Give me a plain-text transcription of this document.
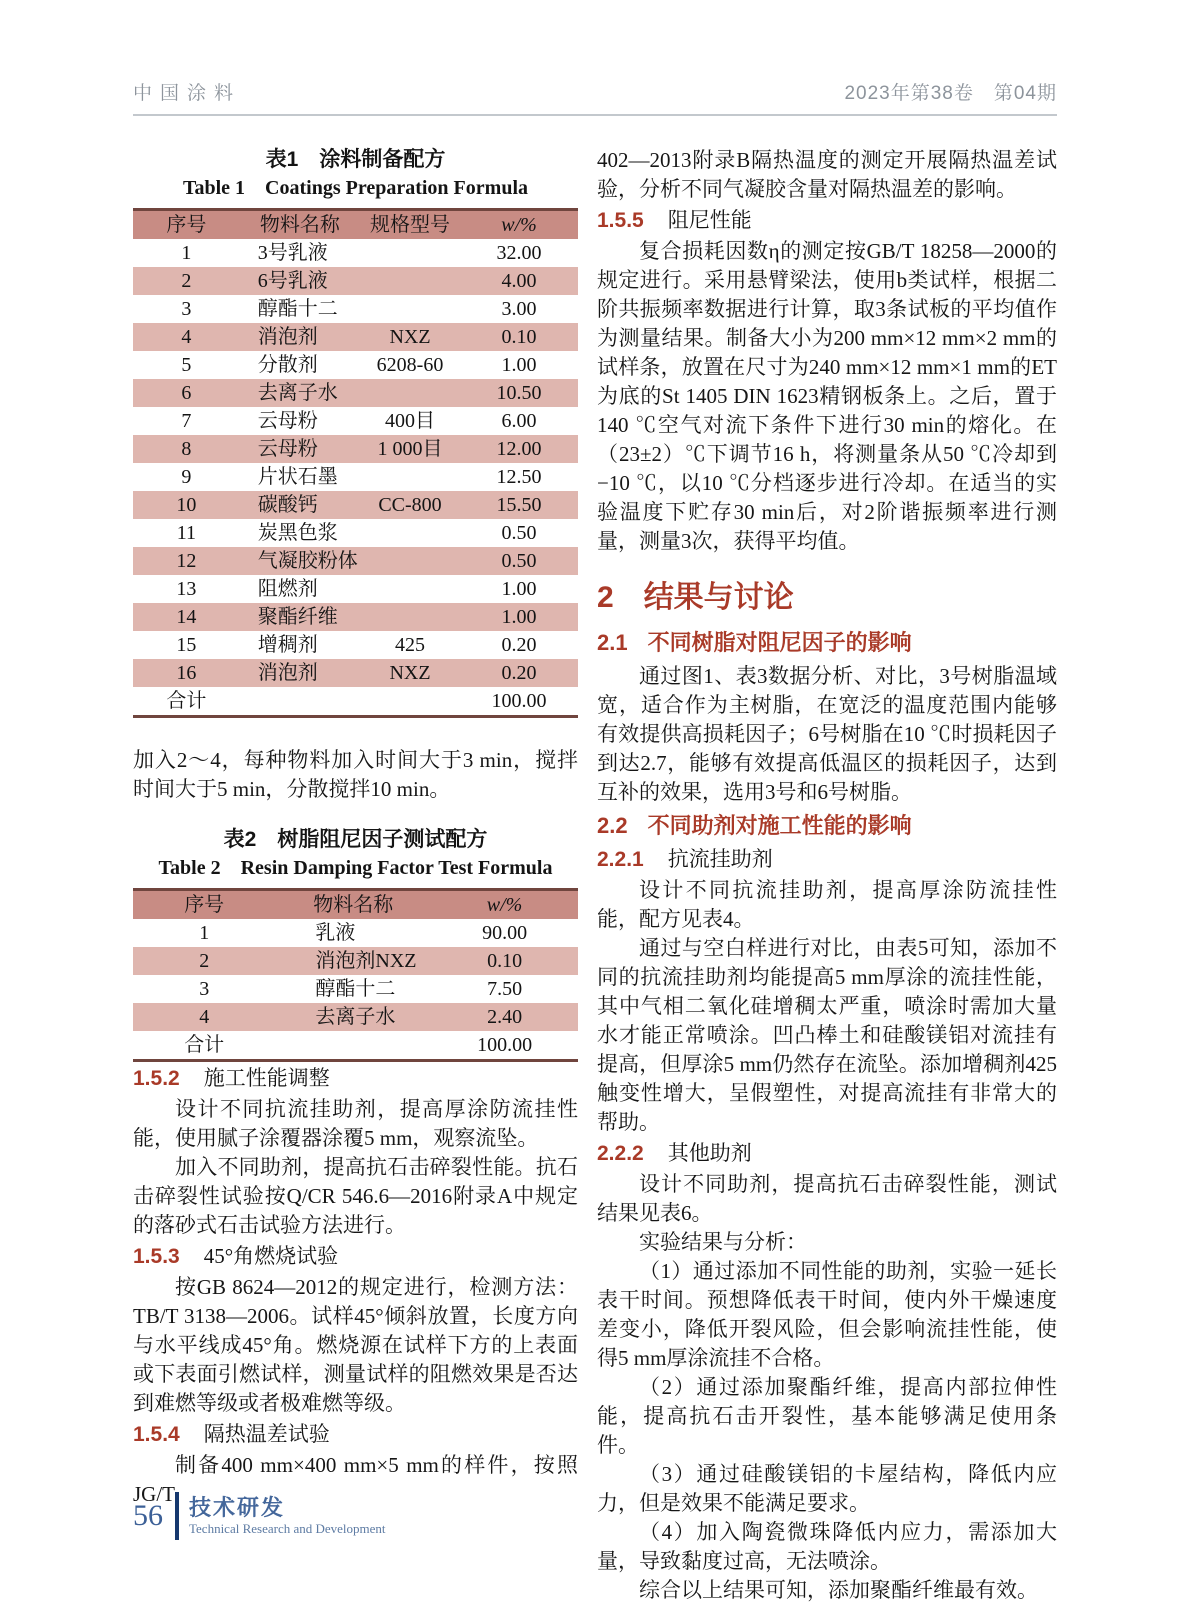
中国涂料	2023年第38卷　第04期

表1　涂料制备配方

Table 1　Coatings Preparation Formula

序号	物料名称	规格型号	w/%
1	3号乳液		32.00
2	6号乳液		4.00
3	醇酯十二		3.00
4	消泡剂	NXZ	0.10
5	分散剂	6208-60	1.00
6	去离子水		10.50
7	云母粉	400目	6.00
8	云母粉	1 000目	12.00
9	片状石墨		12.50
10	碳酸钙	CC-800	15.50
11	炭黑色浆		0.50
12	气凝胶粉体		0.50
13	阻燃剂		1.00
14	聚酯纤维		1.00
15	增稠剂	425	0.20
16	消泡剂	NXZ	0.20
合计			100.00

加入2～4，每种物料加入时间大于3 min，搅拌时间大于5 min，分散搅拌10 min。

表2　树脂阻尼因子测试配方

Table 2　Resin Damping Factor Test Formula

序号	物料名称	w/%
1	乳液	90.00
2	消泡剂NXZ	0.10
3	醇酯十二	7.50
4	去离子水	2.40
合计		100.00

1.5.2 施工性能调整

设计不同抗流挂助剂，提高厚涂防流挂性能，使用腻子涂覆器涂覆5 mm，观察流坠。

加入不同助剂，提高抗石击碎裂性能。抗石击碎裂性试验按Q/CR 546.6—2016附录A中规定的落砂式石击试验方法进行。

1.5.3 45°角燃烧试验

按GB 8624—2012的规定进行，检测方法：TB/T 3138—2006。试样45°倾斜放置，长度方向与水平线成45°角。燃烧源在试样下方的上表面或下表面引燃试样，测量试样的阻燃效果是否达到难燃等级或者极难燃等级。

1.5.4 隔热温差试验

制备400 mm×400 mm×5 mm的样件，按照JG/T

402—2013附录B隔热温度的测定开展隔热温差试验，分析不同气凝胶含量对隔热温差的影响。

1.5.5 阻尼性能

复合损耗因数η的测定按GB/T 18258—2000的规定进行。采用悬臂梁法，使用b类试样，根据二阶共振频率数据进行计算，取3条试板的平均值作为测量结果。制备大小为200 mm×12 mm×2 mm的试样条，放置在尺寸为240 mm×12 mm×1 mm的ET为底的St 1405 DIN 1623精钢板条上。之后，置于140 ℃空气对流下条件下进行30 min的熔化。在（23±2）℃下调节16 h，将测量条从50 ℃冷却到−10 ℃，以10 ℃分档逐步进行冷却。在适当的实验温度下贮存30 min后，对2阶谐振频率进行测量，测量3次，获得平均值。

2 结果与讨论

2.1 不同树脂对阻尼因子的影响

通过图1、表3数据分析、对比，3号树脂温域宽，适合作为主树脂，在宽泛的温度范围内能够有效提供高损耗因子；6号树脂在10 ℃时损耗因子到达2.7，能够有效提高低温区的损耗因子，达到互补的效果，选用3号和6号树脂。

2.2 不同助剂对施工性能的影响

2.2.1 抗流挂助剂

设计不同抗流挂助剂，提高厚涂防流挂性能，配方见表4。

通过与空白样进行对比，由表5可知，添加不同的抗流挂助剂均能提高5 mm厚涂的流挂性能，其中气相二氧化硅增稠太严重，喷涂时需加大量水才能正常喷涂。凹凸棒土和硅酸镁铝对流挂有提高，但厚涂5 mm仍然存在流坠。添加增稠剂425触变性增大，呈假塑性，对提高流挂有非常大的帮助。

2.2.2 其他助剂

设计不同助剂，提高抗石击碎裂性能，测试结果见表6。

实验结果与分析：

（1）通过添加不同性能的助剂，实验一延长表干时间。预想降低表干时间，使内外干燥速度差变小，降低开裂风险，但会影响流挂性能，使得5 mm厚涂流挂不合格。

（2）通过添加聚酯纤维，提高内部拉伸性能，提高抗石击开裂性，基本能够满足使用条件。

（3）通过硅酸镁铝的卡屋结构，降低内应力，但是效果不能满足要求。

（4）加入陶瓷微珠降低内应力，需添加大量，导致黏度过高，无法喷涂。

综合以上结果可知，添加聚酯纤维最有效。

56 技术研发
Technical Research and Development
